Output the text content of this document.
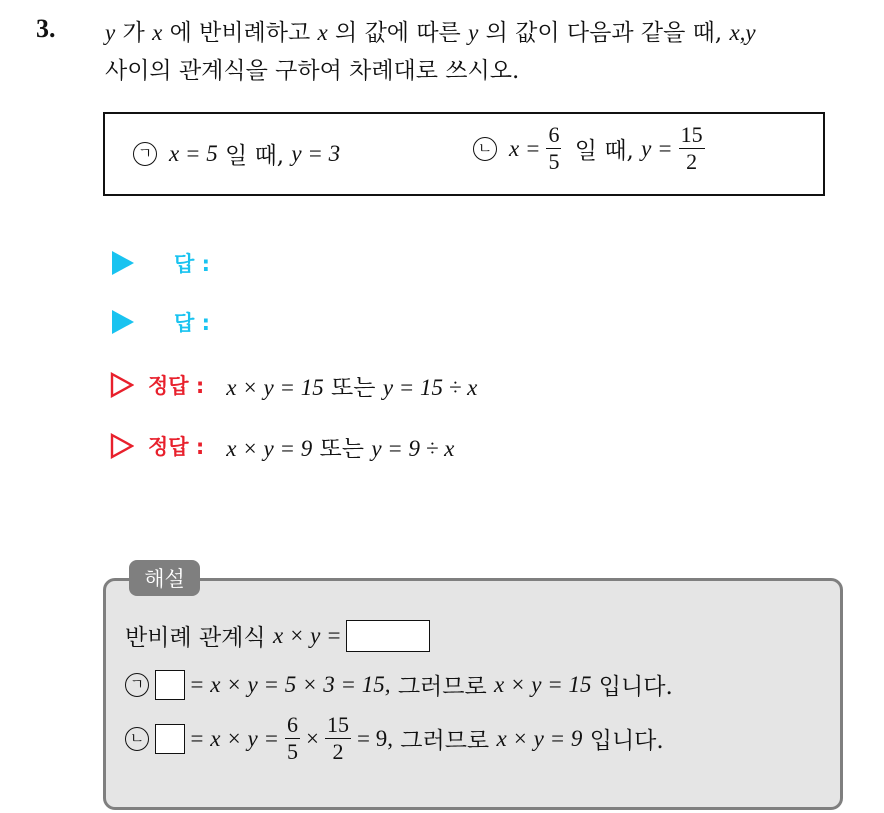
3. y 가 x 에 반비례하고 x 의 값에 따른 y 의 값이 다음과 같을 때, x,y
사이의 관계식을 구하여 차례대로 쓰시오.
ㄱ x = 5 일 때, y = 3	ㄴ $x = \frac{6}{5}$ 일 때, $y = \frac{15}{2}$
답 :
답 :
정답 : x × y = 15 또는 y = 15 ÷ x
정답 : x × y = 9 또는 y = 9 ÷ x
해설
반비례 관계식 x × y =
ㄱ = x × y = 5 × 3 = 15, 그러므로 x × y = 15 입니다.
ㄴ = $x \times y = \frac{6}{5} \times \frac{15}{2} = 9$, 그러므로 x × y = 9 입니다.
